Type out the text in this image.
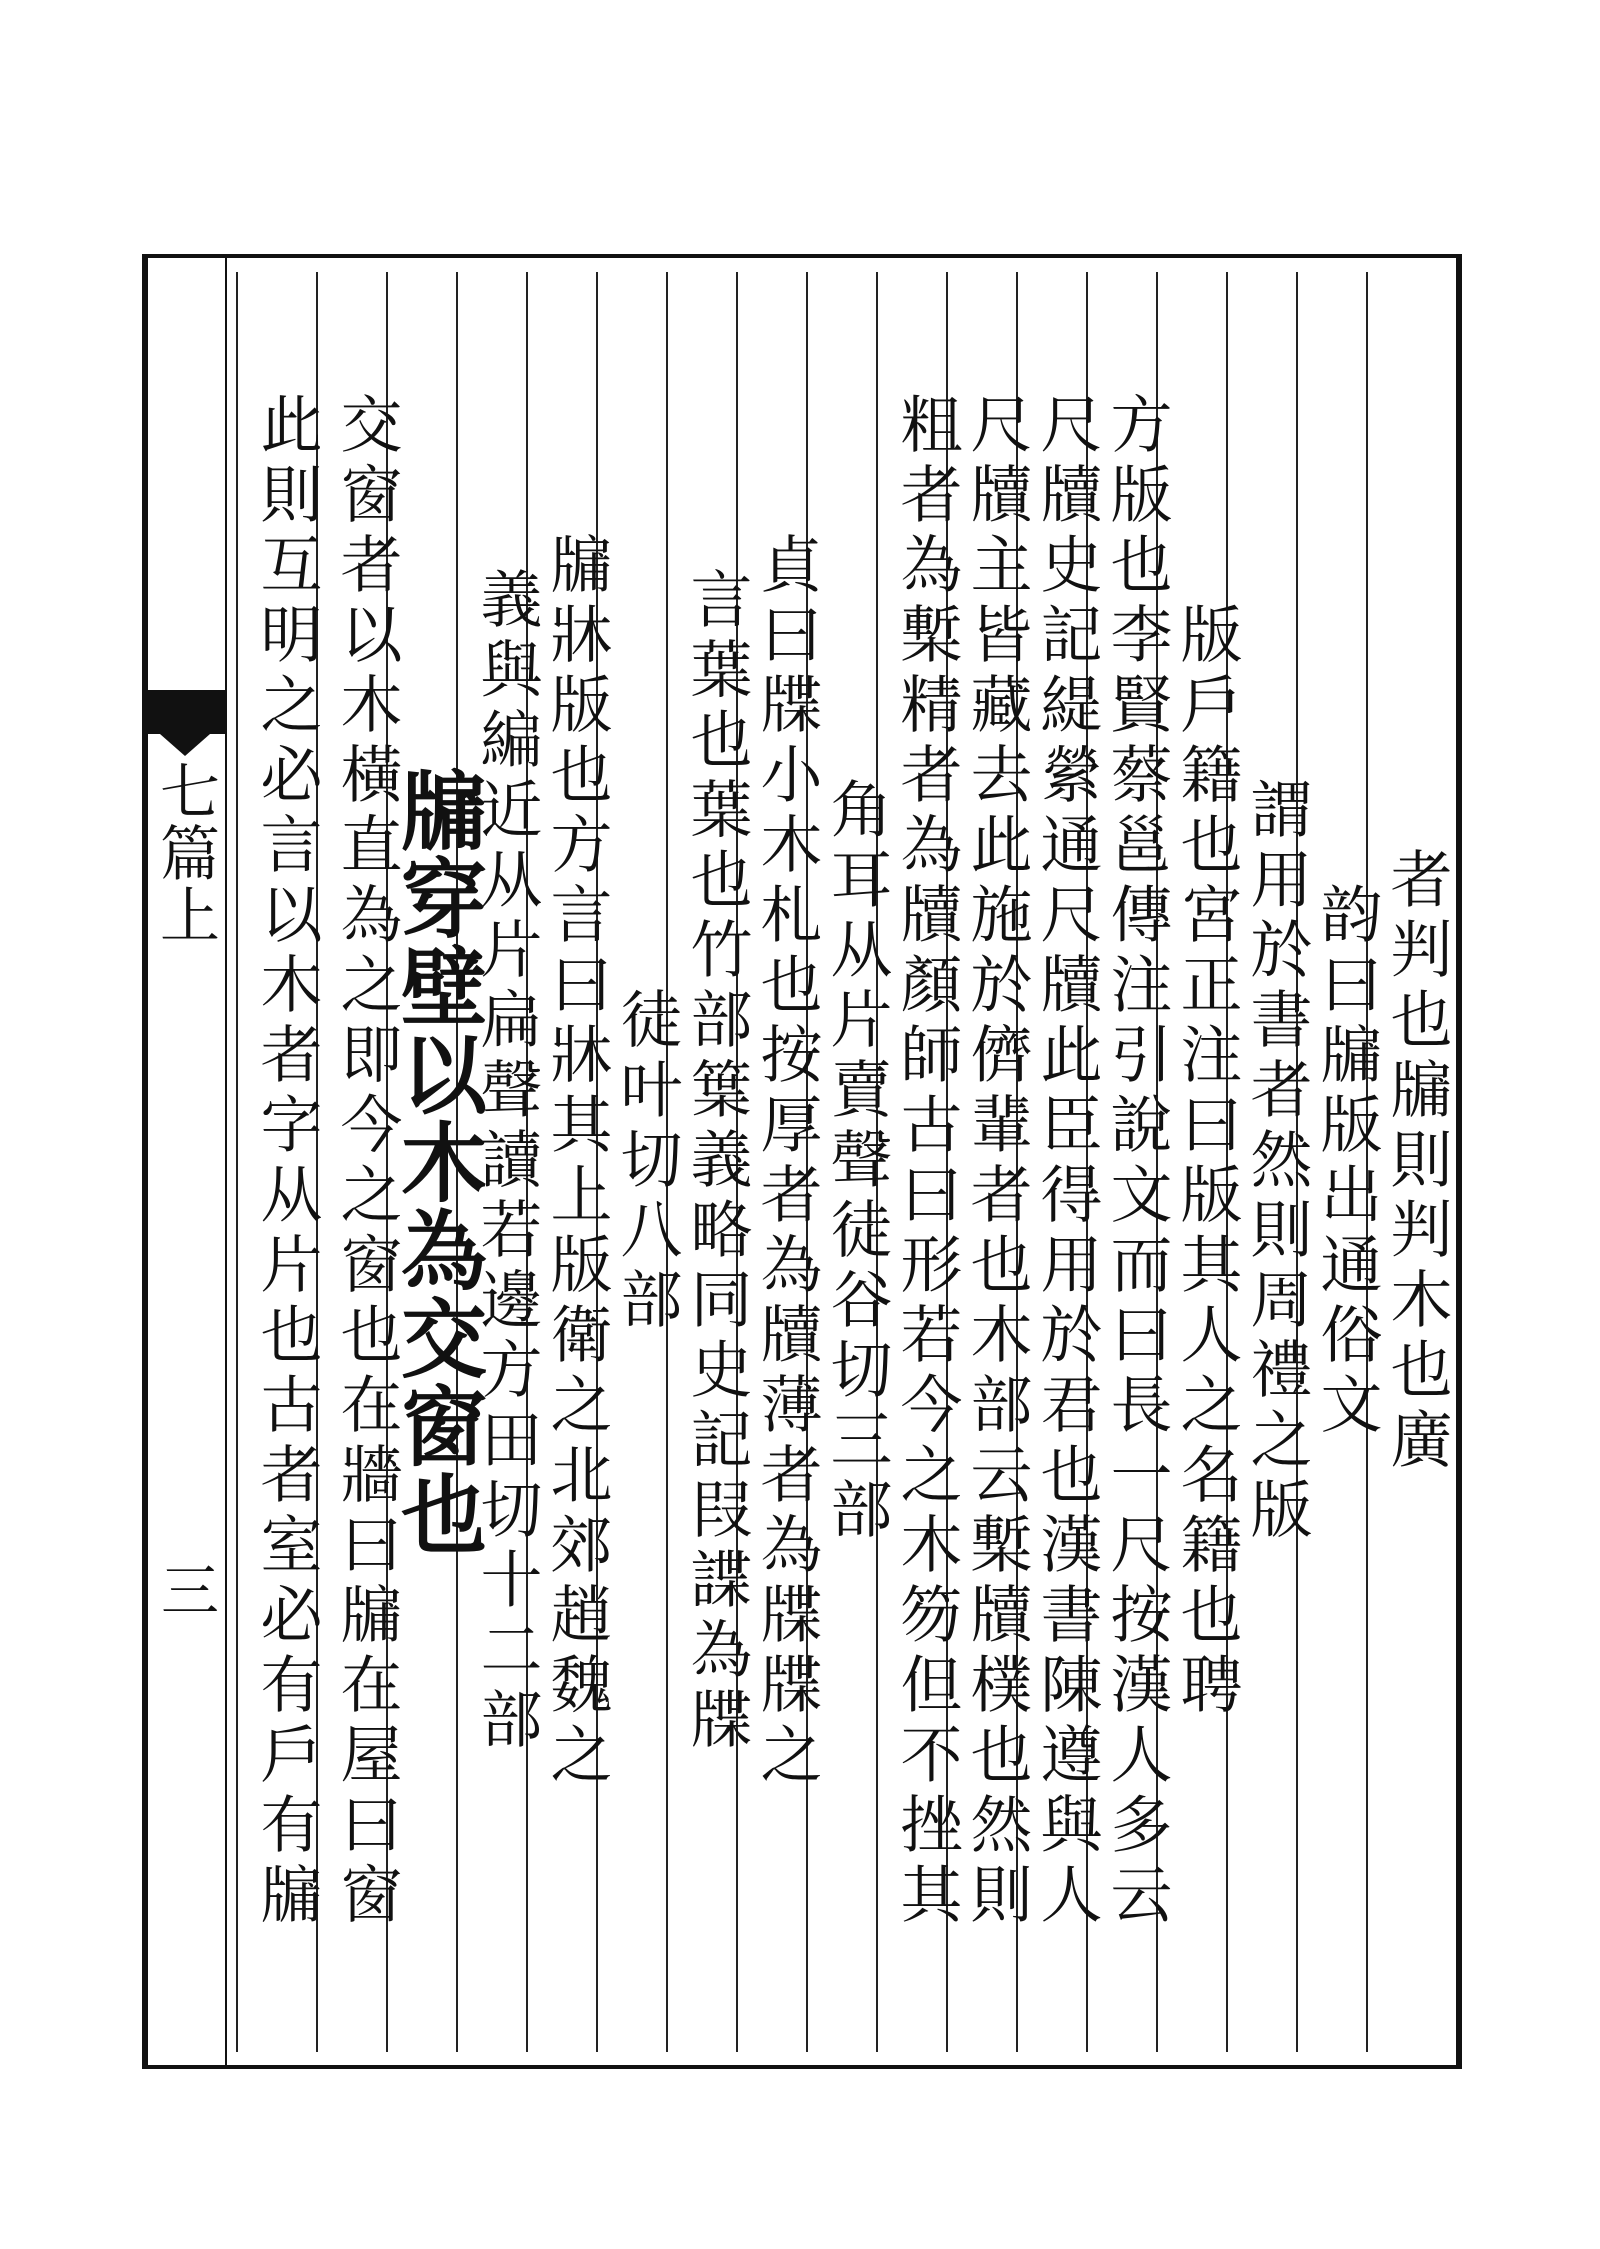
七篇上
三
者判也牖則判木也廣
韵曰牖版出通俗文
謂用於書者然則周禮之版
版戶籍也宮正注曰版其人之名籍也聘
方版也李賢蔡邕傳注引說文而曰長一尺按漢人多云
尺牘史記緹縈通尺牘此臣得用於君也漢書陳遵與人
尺牘主皆藏去此施於儕輩者也木部云槧牘樸也然則
粗者為槧精者為牘顏師古曰形若今之木笏但不挫其
角耳从片賣聲徒谷切三部
貞曰牒小木札也按厚者為牘薄者為牒牒之
言葉也葉也竹部䈎義略同史記叚諜為牒
徒叶切八部
牖牀版也方言曰牀其上版衛之北郊趙魏之
義與編近从片扁聲讀若邊方田切十二部
牖穿壁以木為交窗也
交窗者以木橫直為之即今之窗也在牆曰牖在屋曰窗
此則互明之必言以木者字从片也古者室必有戶有牖
